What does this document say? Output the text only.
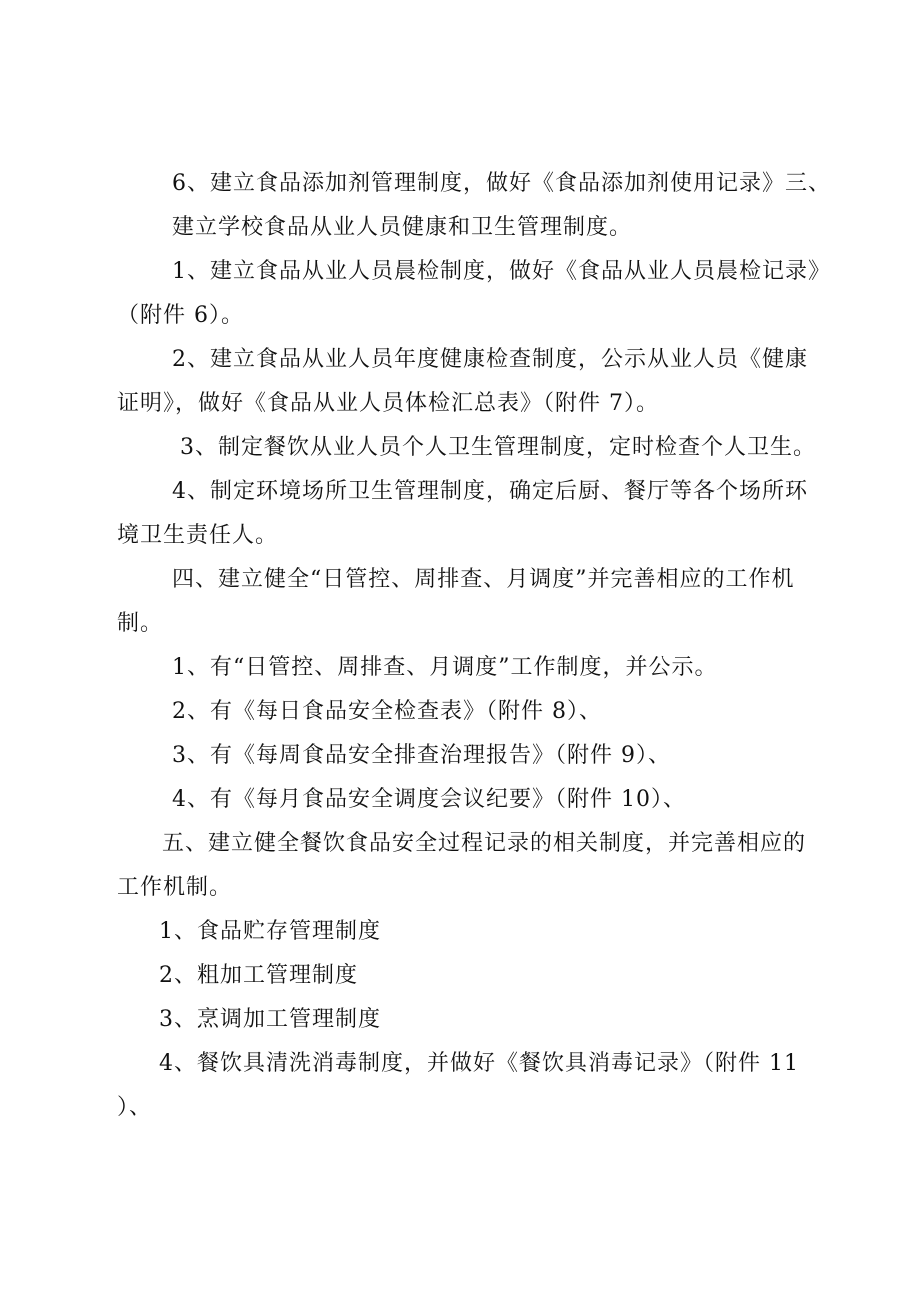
6、建立食品添加剂管理制度，做好《食品添加剂使用记录》三、
建立学校食品从业人员健康和卫生管理制度。
1、建立食品从业人员晨检制度，做好《食品从业人员晨检记录》
（附件 6）。
2、建立食品从业人员年度健康检查制度，公示从业人员《健康
证明》，做好《食品从业人员体检汇总表》（附件 7）。
3、制定餐饮从业人员个人卫生管理制度，定时检查个人卫生。
4、制定环境场所卫生管理制度，确定后厨、餐厅等各个场所环
境卫生责任人。
四、建立健全“日管控、周排查、月调度”并完善相应的工作机
制。
1、有“日管控、周排查、月调度”工作制度，并公示。
2、有《每日食品安全检查表》（附件 8）、
3、有《每周食品安全排查治理报告》（附件 9）、
4、有《每月食品安全调度会议纪要》（附件 10）、
五、建立健全餐饮食品安全过程记录的相关制度，并完善相应的
工作机制。
1、食品贮存管理制度
2、粗加工管理制度
3、烹调加工管理制度
4、餐饮具清洗消毒制度，并做好《餐饮具消毒记录》（附件 11
）、
